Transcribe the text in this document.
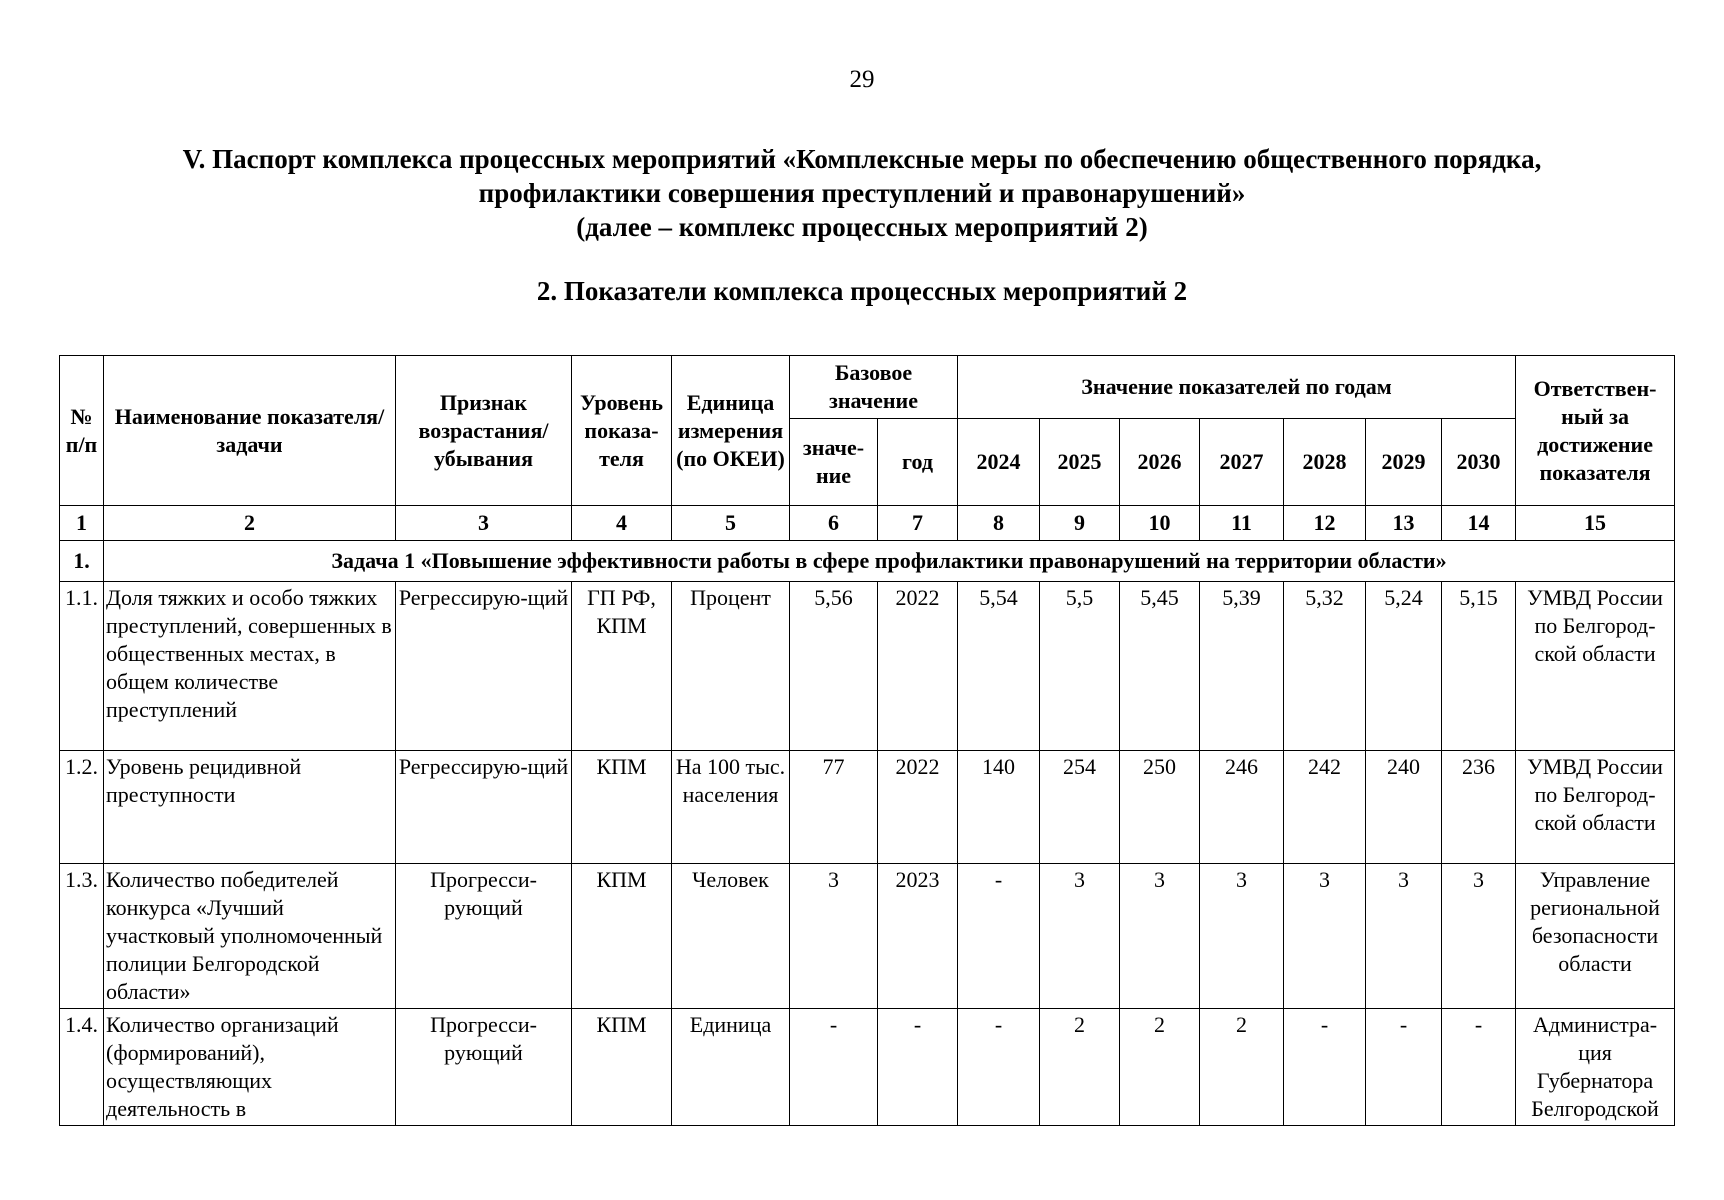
29
V. Паспорт комплекса процессных мероприятий «Комплексные меры по обеспечению общественного порядка,
профилактики совершения преступлений и правонарушений»
(далее – комплекс процессных мероприятий 2)
2. Показатели комплекса процессных мероприятий 2
№ п/п	Наименование показателя/задачи	Признак возрастания/ убывания	Уровень показа-теля	Единица измерения (по ОКЕИ)	Базовое значение		Значение показателей по годам							Ответствен-ный за достижение показателя
					значе-ние	год	2024	2025	2026	2027	2028	2029	2030	
1	2	3	4	5	6	7	8	9	10	11	12	13	14	15
1.	Задача 1 «Повышение эффективности работы в сфере профилактики правонарушений на территории области»													
1.1.	Доля тяжких и особо тяжких преступлений, совершенных в общественных местах, в общем количестве преступлений	Регрессирую-щий	ГП РФ, КПМ	Процент	5,56	2022	5,54	5,5	5,45	5,39	5,32	5,24	5,15	УМВД России по Белгород-ской области
1.2.	Уровень рецидивной преступности	Регрессирую-щий	КПМ	На 100 тыс. населения	77	2022	140	254	250	246	242	240	236	УМВД России по Белгород-ской области
1.3.	Количество победителей конкурса «Лучший участковый уполномоченный полиции Белгородской области»	Прогресси-рующий	КПМ	Человек	3	2023	-	3	3	3	3	3	3	Управление региональной безопасности области
1.4.	Количество организаций (формирований), осуществляющих деятельность в	Прогресси-рующий	КПМ	Единица	-	-	-	2	2	2	-	-	-	Администра-ция Губернатора Белгородской
